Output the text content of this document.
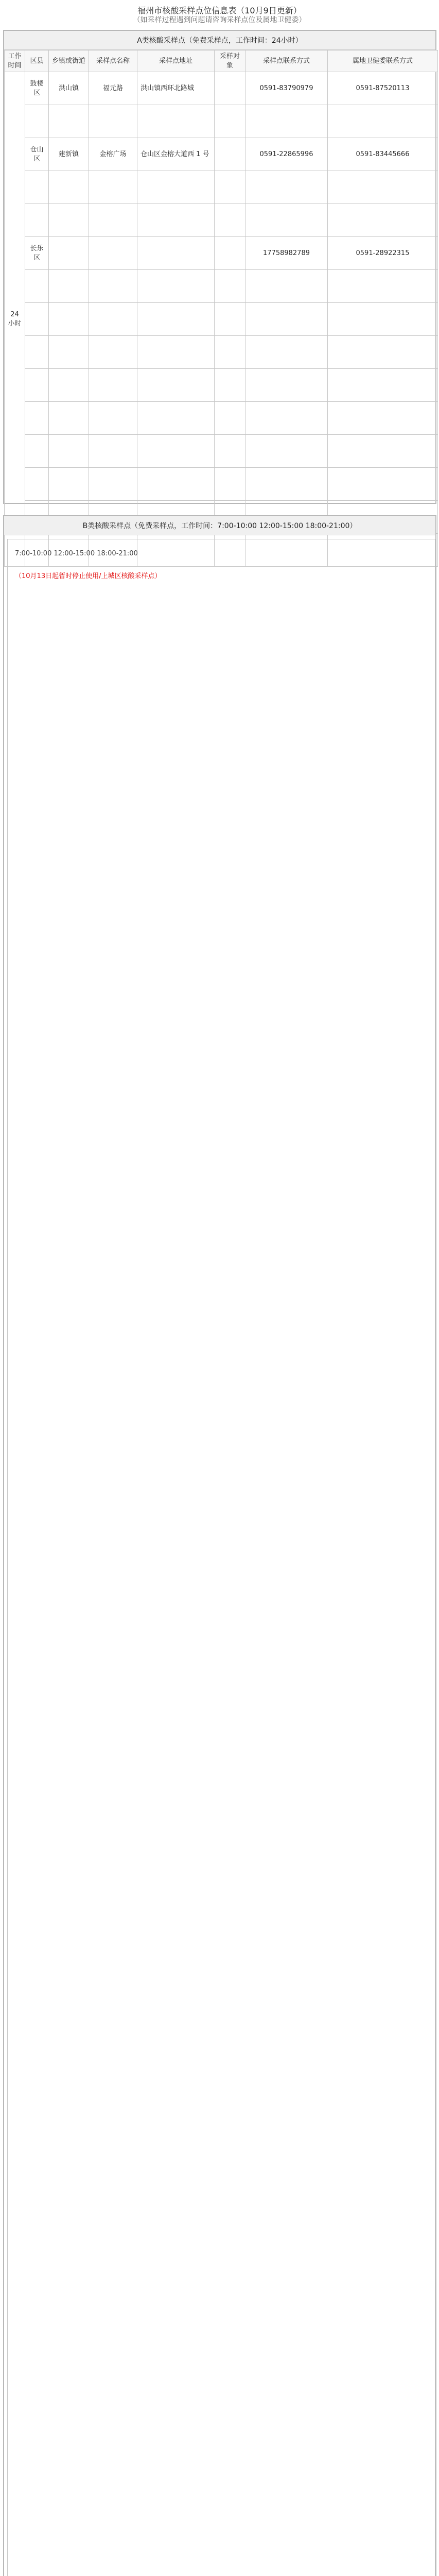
福州市核酸采样点位信息表（10月9日更新）
（如采样过程遇到问题请咨询采样点位及属地卫健委）
A类核酸采样点（免费采样点，工作时间：24小时）
工作时间	区县	乡镇或街道	采样点名称	采样点地址	采样对象	采样点联系方式	属地卫健委联系方式
24小时	鼓楼区	洪山镇	福元路	洪山镇西环北路城		0591-83790979	0591-87520113

	仓山区	建新镇	金榕广场	仓山区金榕大道西 1 号		0591-22865996	0591-83445666

	长乐区					17758982789	0591-28922315

B类核酸采样点（免费采样点，工作时间：7:00-10:00 12:00-15:00 18:00-21:00）
7:00-10:00 12:00-15:00 18:00-21:00
（10月13日起暂时停止使用/上城区核酸采样点）
